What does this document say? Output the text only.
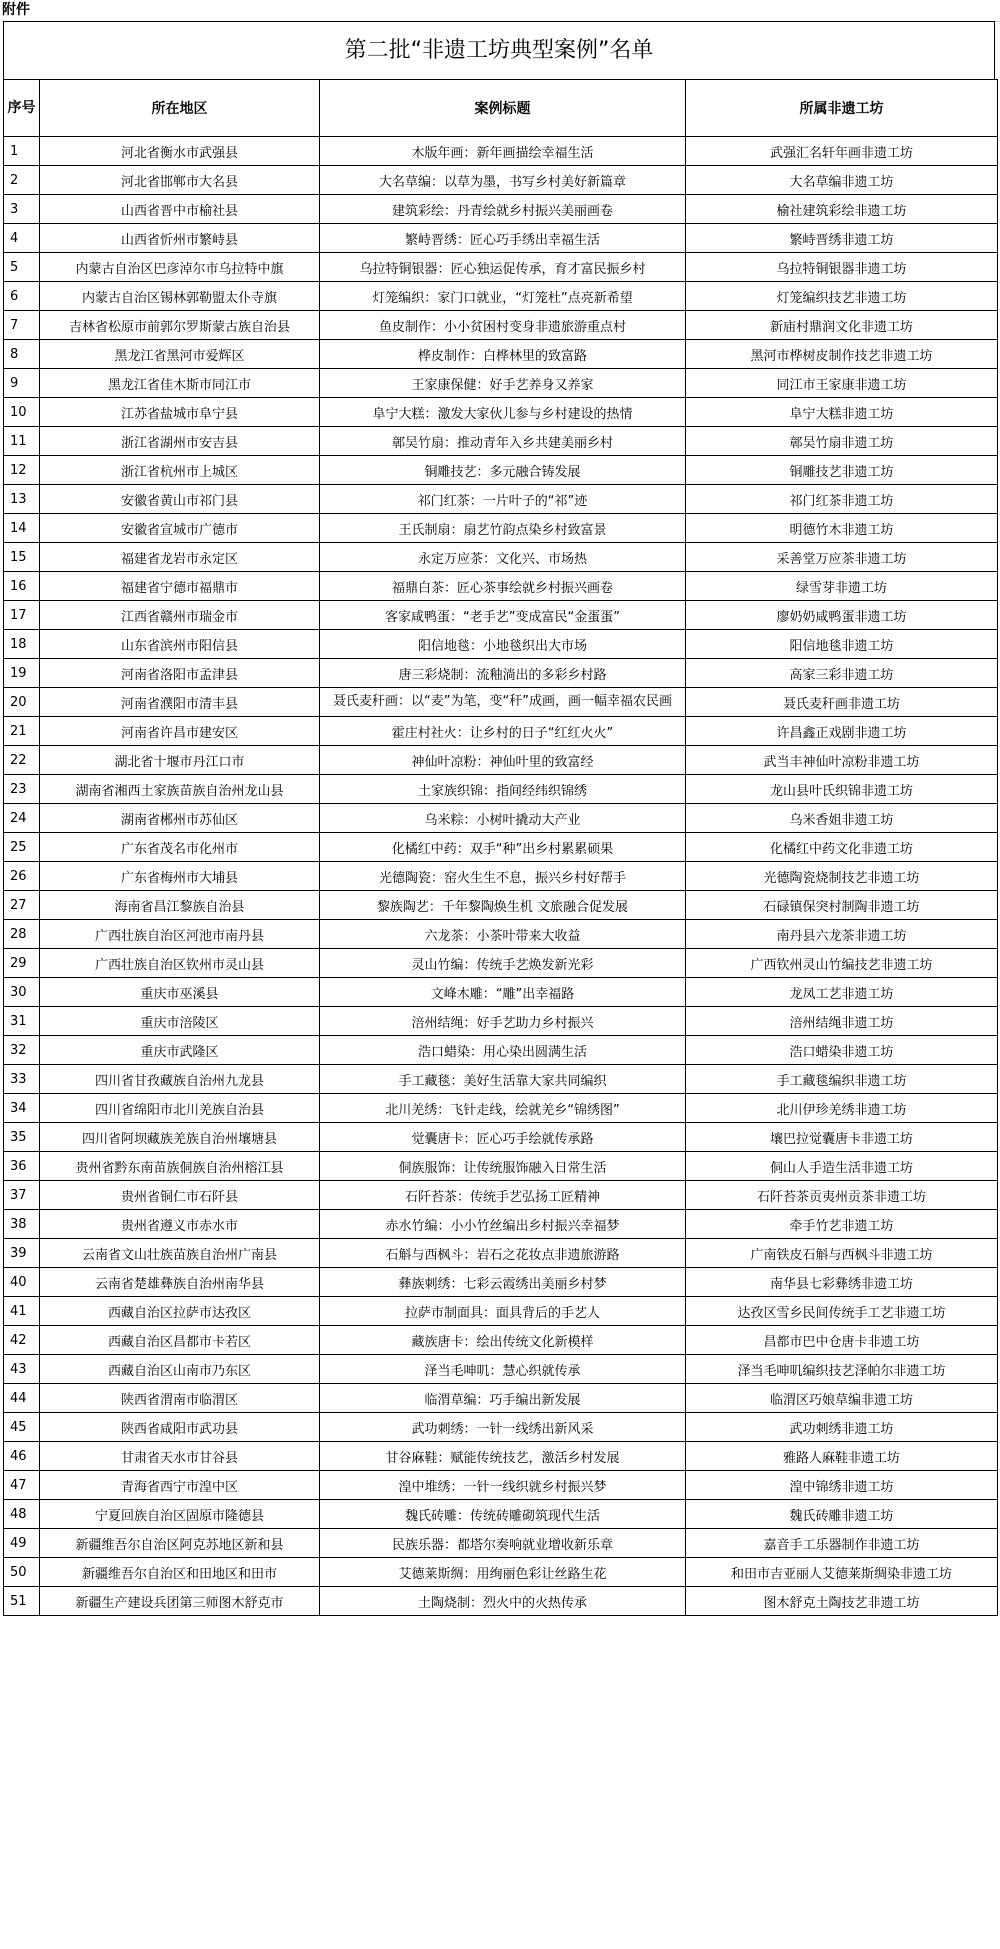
附件
第二批“非遗工坊典型案例”名单
序号	所在地区	案例标题	所属非遗工坊
1	河北省衡水市武强县	木版年画：新年画描绘幸福生活	武强汇名轩年画非遗工坊
2	河北省邯郸市大名县	大名草编：以草为墨，书写乡村美好新篇章	大名草编非遗工坊
3	山西省晋中市榆社县	建筑彩绘：丹青绘就乡村振兴美丽画卷	榆社建筑彩绘非遗工坊
4	山西省忻州市繁峙县	繁峙晋绣：匠心巧手绣出幸福生活	繁峙晋绣非遗工坊
5	内蒙古自治区巴彦淖尔市乌拉特中旗	乌拉特铜银器：匠心独运促传承，育才富民振乡村	乌拉特铜银器非遗工坊
6	内蒙古自治区锡林郭勒盟太仆寺旗	灯笼编织：家门口就业，“灯笼杜”点亮新希望	灯笼编织技艺非遗工坊
7	吉林省松原市前郭尔罗斯蒙古族自治县	鱼皮制作：小小贫困村变身非遗旅游重点村	新庙村鼎润文化非遗工坊
8	黑龙江省黑河市爱辉区	桦皮制作：白桦林里的致富路	黑河市桦树皮制作技艺非遗工坊
9	黑龙江省佳木斯市同江市	王家康保健：好手艺养身又养家	同江市王家康非遗工坊
10	江苏省盐城市阜宁县	阜宁大糕：激发大家伙儿参与乡村建设的热情	阜宁大糕非遗工坊
11	浙江省湖州市安吉县	鄣吴竹扇：推动青年入乡共建美丽乡村	鄣吴竹扇非遗工坊
12	浙江省杭州市上城区	铜雕技艺：多元融合铸发展	铜雕技艺非遗工坊
13	安徽省黄山市祁门县	祁门红茶：一片叶子的“祁”迹	祁门红茶非遗工坊
14	安徽省宣城市广德市	王氏制扇：扇艺竹韵点染乡村致富景	明德竹木非遗工坊
15	福建省龙岩市永定区	永定万应茶：文化兴、市场热	采善堂万应茶非遗工坊
16	福建省宁德市福鼎市	福鼎白茶：匠心茶事绘就乡村振兴画卷	绿雪芽非遗工坊
17	江西省赣州市瑞金市	客家咸鸭蛋：“老手艺”变成富民“金蛋蛋”	廖奶奶咸鸭蛋非遗工坊
18	山东省滨州市阳信县	阳信地毯：小地毯织出大市场	阳信地毯非遗工坊
19	河南省洛阳市孟津县	唐三彩烧制：流釉淌出的多彩乡村路	高家三彩非遗工坊
20	河南省濮阳市清丰县	聂氏麦秆画：以“麦”为笔，变“秆”成画，画一幅幸福农民画	聂氏麦秆画非遗工坊
21	河南省许昌市建安区	霍庄村社火：让乡村的日子“红红火火”	许昌鑫正戏剧非遗工坊
22	湖北省十堰市丹江口市	神仙叶凉粉：神仙叶里的致富经	武当丰神仙叶凉粉非遗工坊
23	湖南省湘西土家族苗族自治州龙山县	土家族织锦：指间经纬织锦绣	龙山县叶氏织锦非遗工坊
24	湖南省郴州市苏仙区	乌米粽：小树叶撬动大产业	乌米香姐非遗工坊
25	广东省茂名市化州市	化橘红中药：双手“种”出乡村累累硕果	化橘红中药文化非遗工坊
26	广东省梅州市大埔县	光德陶瓷：窑火生生不息，振兴乡村好帮手	光德陶瓷烧制技艺非遗工坊
27	海南省昌江黎族自治县	黎族陶艺：千年黎陶焕生机 文旅融合促发展	石碌镇保突村制陶非遗工坊
28	广西壮族自治区河池市南丹县	六龙茶：小茶叶带来大收益	南丹县六龙茶非遗工坊
29	广西壮族自治区钦州市灵山县	灵山竹编：传统手艺焕发新光彩	广西钦州灵山竹编技艺非遗工坊
30	重庆市巫溪县	文峰木雕：“雕”出幸福路	龙凤工艺非遗工坊
31	重庆市涪陵区	涪州结绳：好手艺助力乡村振兴	涪州结绳非遗工坊
32	重庆市武隆区	浩口蜡染：用心染出圆满生活	浩口蜡染非遗工坊
33	四川省甘孜藏族自治州九龙县	手工藏毯：美好生活靠大家共同编织	手工藏毯编织非遗工坊
34	四川省绵阳市北川羌族自治县	北川羌绣：飞针走线，绘就羌乡“锦绣图”	北川伊珍羌绣非遗工坊
35	四川省阿坝藏族羌族自治州壤塘县	觉囊唐卡：匠心巧手绘就传承路	壤巴拉觉囊唐卡非遗工坊
36	贵州省黔东南苗族侗族自治州榕江县	侗族服饰：让传统服饰融入日常生活	侗山人手造生活非遗工坊
37	贵州省铜仁市石阡县	石阡苔茶：传统手艺弘扬工匠精神	石阡苔茶贡夷州贡茶非遗工坊
38	贵州省遵义市赤水市	赤水竹编：小小竹丝编出乡村振兴幸福梦	牵手竹艺非遗工坊
39	云南省文山壮族苗族自治州广南县	石斛与西枫斗：岩石之花妆点非遗旅游路	广南铁皮石斛与西枫斗非遗工坊
40	云南省楚雄彝族自治州南华县	彝族刺绣：七彩云霞绣出美丽乡村梦	南华县七彩彝绣非遗工坊
41	西藏自治区拉萨市达孜区	拉萨市制面具：面具背后的手艺人	达孜区雪乡民间传统手工艺非遗工坊
42	西藏自治区昌都市卡若区	藏族唐卡：绘出传统文化新模样	昌都市巴中仓唐卡非遗工坊
43	西藏自治区山南市乃东区	泽当毛呻叽：慧心织就传承	泽当毛呻叽编织技艺泽帕尔非遗工坊
44	陕西省渭南市临渭区	临渭草编：巧手编出新发展	临渭区巧娘草编非遗工坊
45	陕西省咸阳市武功县	武功刺绣：一针一线绣出新风采	武功刺绣非遗工坊
46	甘肃省天水市甘谷县	甘谷麻鞋：赋能传统技艺，激活乡村发展	雅路人麻鞋非遗工坊
47	青海省西宁市湟中区	湟中堆绣：一针一线织就乡村振兴梦	湟中锦绣非遗工坊
48	宁夏回族自治区固原市隆德县	魏氏砖雕：传统砖雕砌筑现代生活	魏氏砖雕非遗工坊
49	新疆维吾尔自治区阿克苏地区新和县	民族乐器：都塔尔奏响就业增收新乐章	嘉音手工乐器制作非遗工坊
50	新疆维吾尔自治区和田地区和田市	艾德莱斯绸：用绚丽色彩让丝路生花	和田市吉亚丽人艾德莱斯绸染非遗工坊
51	新疆生产建设兵团第三师图木舒克市	土陶烧制：烈火中的火热传承	图木舒克土陶技艺非遗工坊
